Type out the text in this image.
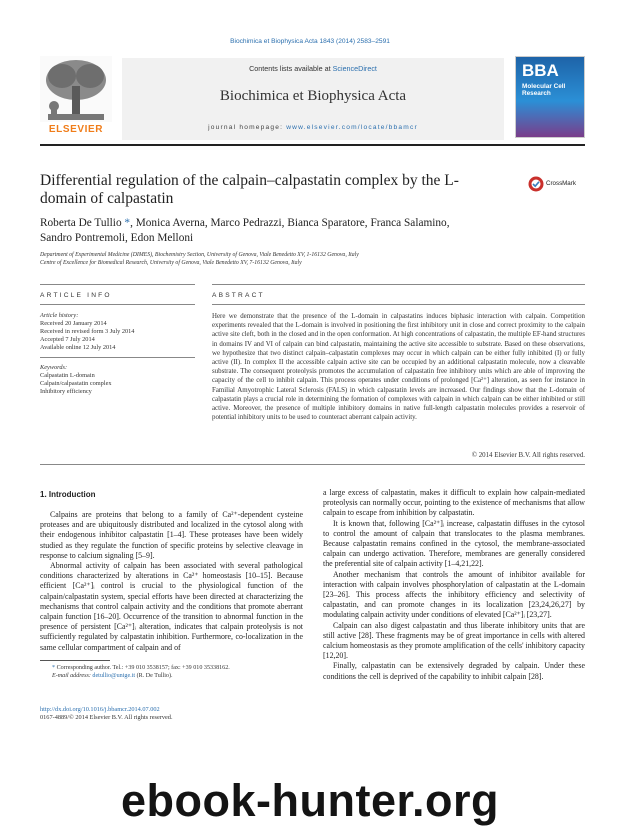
Biochimica et Biophysica Acta 1843 (2014) 2583–2591
Contents lists available at ScienceDirect
Biochimica et Biophysica Acta
journal homepage: www.elsevier.com/locate/bbamcr
ELSEVIER
BBA
Molecular Cell Research
Differential regulation of the calpain–calpastatin complex by the L-domain of calpastatin
CrossMark
Roberta De Tullio *, Monica Averna, Marco Pedrazzi, Bianca Sparatore, Franca Salamino,
Sandro Pontremoli, Edon Melloni
Department of Experimental Medicine (DIMES), Biochemistry Section, University of Genova, Viale Benedetto XV, 1-16132 Genova, Italy
Centre of Excellence for Biomedical Research, University of Genova, Viale Benedetto XV, 7-16132 Genova, Italy
ARTICLE INFO	ABSTRACT
Article history:
Received 20 January 2014
Received in revised form 3 July 2014
Accepted 7 July 2014
Available online 12 July 2014
Keywords:
Calpastatin L-domain
Calpain/calpastatin complex
Inhibitory efficiency
Here we demonstrate that the presence of the L-domain in calpastatins induces biphasic interaction with calpain. Competition experiments revealed that the L-domain is involved in positioning the first inhibitory unit in close and correct proximity to the calpain active site cleft, both in the closed and in the open conformation. At high concentrations of calpastatin, the multiple EF-hand structures in domains IV and VI of calpain can bind calpastatin, maintaining the active site accessible to substrate. Based on these observations, we hypothesize that two distinct calpain–calpastatin complexes may occur in which calpain can be either fully inhibited (I) or fully active (II). In complex II the accessible calpain active site can be occupied by an additional calpastatin molecule, now a cleavable substrate. The consequent proteolysis promotes the accumulation of calpastatin free inhibitory units which are able of improving the capacity of the cell to inhibit calpain. This process operates under conditions of prolonged [Ca²⁺] alteration, as seen for instance in Familial Amyotrophic Lateral Sclerosis (FALS) in which calpastatin levels are increased. Our findings show that the L-domain of calpastatin plays a crucial role in determining the formation of complexes with calpain in which calpain can be either inhibited or still active. Moreover, the presence of multiple inhibitory domains in native full-length calpastatin molecules provides a reservoir of potential inhibitory units to be used to counteract aberrant calpain activity.
© 2014 Elsevier B.V. All rights reserved.
1. Introduction

Calpains are proteins that belong to a family of Ca²⁺-dependent cysteine proteases and are ubiquitously distributed and localized in the cytosol along with their endogenous inhibitor calpastatin [1–4]. These proteases have been widely studied as they regulate the function of specific proteins by selective cleavage in response to calcium signaling [5–9].

Abnormal activity of calpain has been associated with several pathological conditions characterized by alterations in Ca²⁺ homeostasis [10–15]. Because efficient [Ca²⁺]ᵢ control is crucial to the physiological function of the calpain/calpastatin system, special efforts have been directed at characterizing the mechanisms that control calpain activity and the conditions that promote aberrant calpain function [16–20]. Occurrence of the transition to abnormal function in the presence of persistent [Ca²⁺]ᵢ alteration, indicates that calpain proteolysis is not sufficiently regulated by calpastatin inhibition. Furthermore, co-localization in the same cellular compartment of calpain and of

a large excess of calpastatin, makes it difficult to explain how calpain-mediated proteolysis can normally occur, pointing to the existence of mechanisms that allow calpain to escape from inhibition by calpastatin.

It is known that, following [Ca²⁺]ᵢ increase, calpastatin diffuses in the cytosol to control the amount of calpain that translocates to the plasma membranes. Because calpastatin remains confined in the cytosol, the membrane-associated calpain can undergo activation. Therefore, membranes are generally considered the preferential site of calpain activity [1–4,21,22].

Another mechanism that controls the amount of inhibitor available for interaction with calpain involves phosphorylation of calpastatin at the L-domain [23–26]. This process affects the inhibitory efficiency and selectivity of calpastatin, and can promote changes in its localization [23,24,26,27] by modulating calpain activity under conditions of elevated [Ca²⁺]ᵢ [23,27].

Calpain can also digest calpastatin and thus liberate inhibitory units that are still active [28]. These fragments may be of great importance in cells with altered calcium homeostasis as they promote amplification of the cells' inhibitory capacity [12,20].

Finally, calpastatin can be extensively degraded by calpain. Under these conditions the cell is deprived of the capability to inhibit calpain [28].

* Corresponding author. Tel.: +39 010 3538157; fax: +39 010 35338162.
E-mail address: detullio@unige.it (R. De Tullio).
http://dx.doi.org/10.1016/j.bbamcr.2014.07.002
0167-4889/© 2014 Elsevier B.V. All rights reserved.
ebook-hunter.org
